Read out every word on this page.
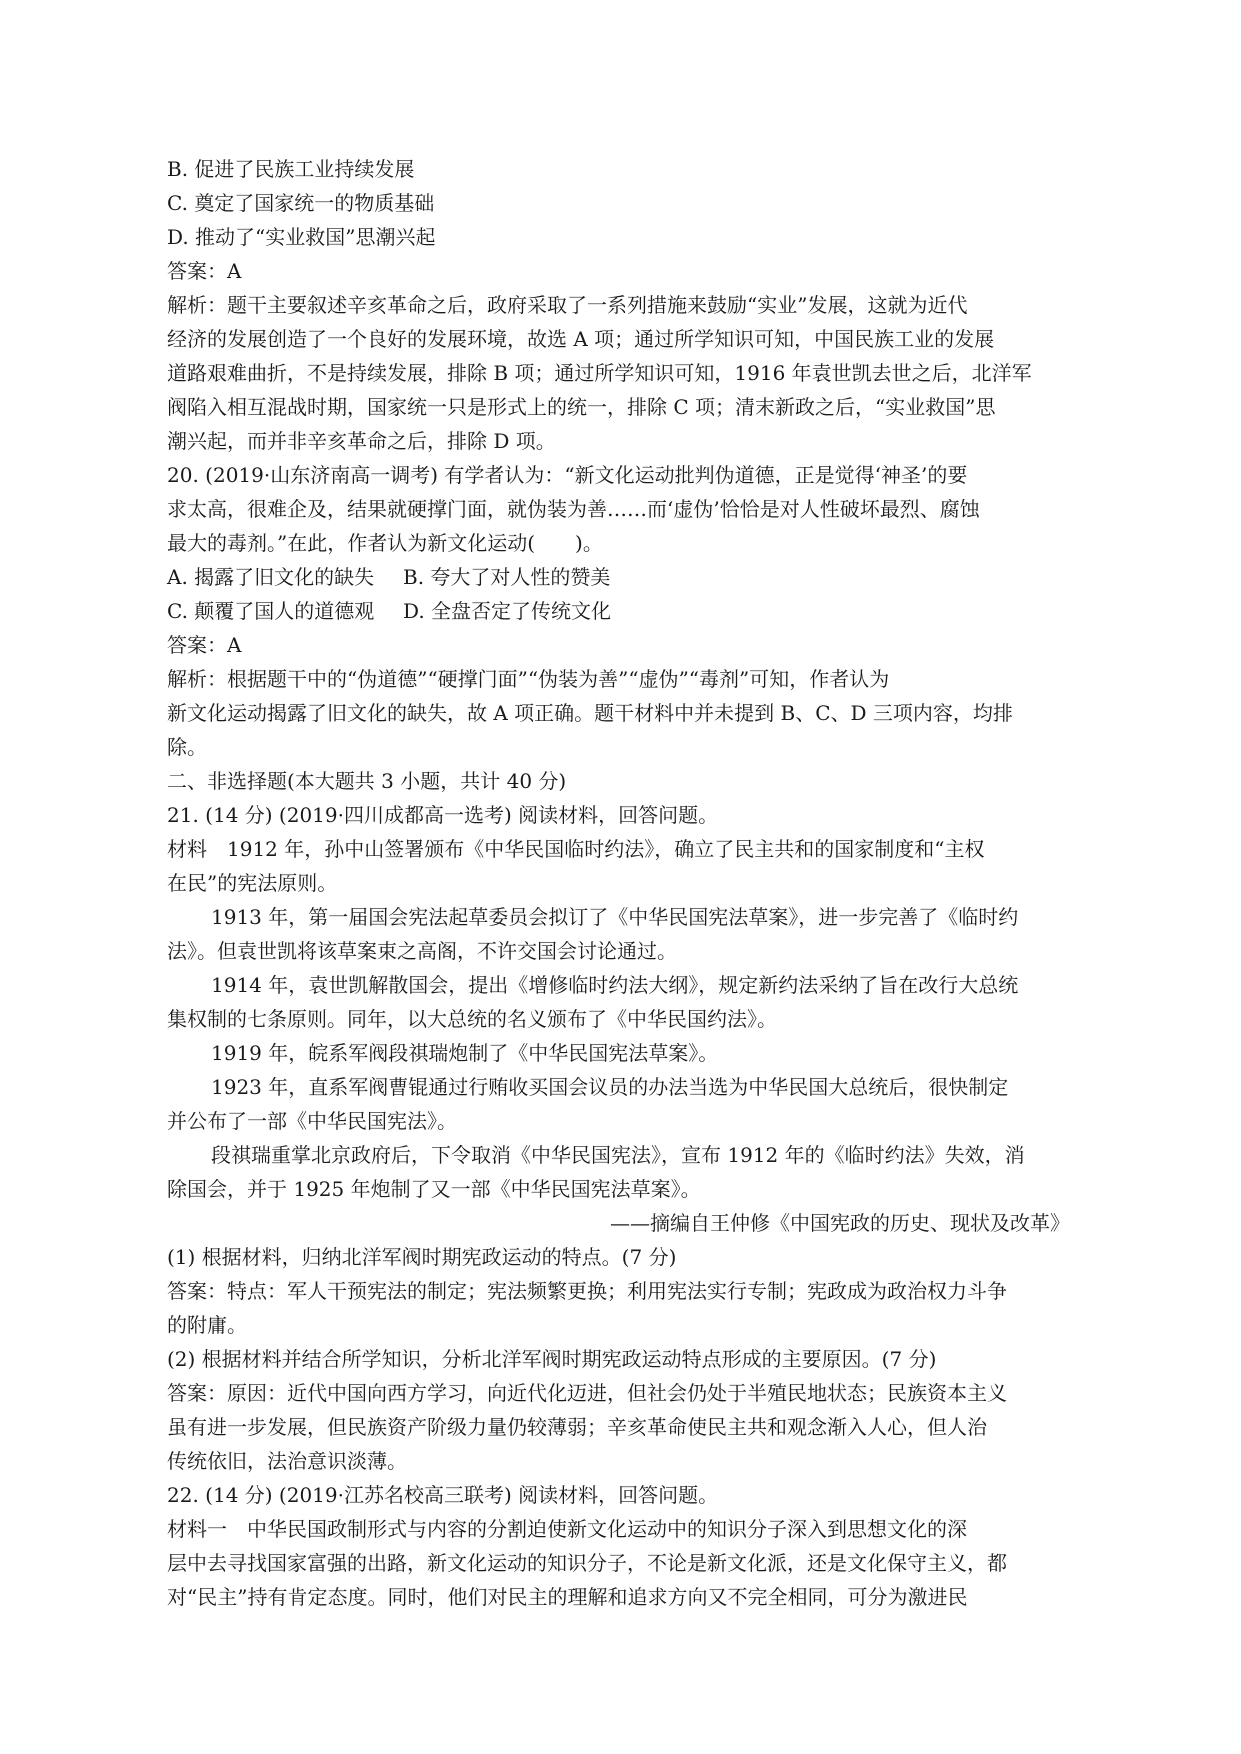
B. 促进了民族工业持续发展
C. 奠定了国家统一的物质基础
D. 推动了“实业救国”思潮兴起
答案：A
解析：题干主要叙述辛亥革命之后，政府采取了一系列措施来鼓励“实业”发展，这就为近代
经济的发展创造了一个良好的发展环境，故选 A 项；通过所学知识可知，中国民族工业的发展
道路艰难曲折，不是持续发展，排除 B 项；通过所学知识可知，1916 年袁世凯去世之后，北洋军
阀陷入相互混战时期，国家统一只是形式上的统一，排除 C 项；清末新政之后，“实业救国”思
潮兴起，而并非辛亥革命之后，排除 D 项。
20. (2019·山东济南高一调考) 有学者认为：“新文化运动批判伪道德，正是觉得‘神圣’的要
求太高，很难企及，结果就硬撑门面，就伪装为善……而‘虚伪’恰恰是对人性破坏最烈、腐蚀
最大的毒剂。”在此，作者认为新文化运动(　　)。
A. 揭露了旧文化的缺失 B. 夸大了对人性的赞美
C. 颠覆了国人的道德观 D. 全盘否定了传统文化
答案：A
解析：根据题干中的“伪道德”“硬撑门面”“伪装为善”“虚伪”“毒剂”可知，作者认为
新文化运动揭露了旧文化的缺失，故 A 项正确。题干材料中并未提到 B、C、D 三项内容，均排
除。
二、非选择题(本大题共 3 小题，共计 40 分)
21. (14 分) (2019·四川成都高一选考) 阅读材料，回答问题。
材料　1912 年，孙中山签署颁布《中华民国临时约法》，确立了民主共和的国家制度和“主权
在民”的宪法原则。
1913 年，第一届国会宪法起草委员会拟订了《中华民国宪法草案》，进一步完善了《临时约
法》。但袁世凯将该草案束之高阁，不许交国会讨论通过。
1914 年，袁世凯解散国会，提出《增修临时约法大纲》，规定新约法采纳了旨在改行大总统
集权制的七条原则。同年，以大总统的名义颁布了《中华民国约法》。
1919 年，皖系军阀段祺瑞炮制了《中华民国宪法草案》。
1923 年，直系军阀曹锟通过行贿收买国会议员的办法当选为中华民国大总统后，很快制定
并公布了一部《中华民国宪法》。
段祺瑞重掌北京政府后，下令取消《中华民国宪法》，宣布 1912 年的《临时约法》失效，消
除国会，并于 1925 年炮制了又一部《中华民国宪法草案》。
——摘编自王仲修《中国宪政的历史、现状及改革》
(1) 根据材料，归纳北洋军阀时期宪政运动的特点。(7 分)
答案：特点：军人干预宪法的制定；宪法频繁更换；利用宪法实行专制；宪政成为政治权力斗争
的附庸。
(2) 根据材料并结合所学知识，分析北洋军阀时期宪政运动特点形成的主要原因。(7 分)
答案：原因：近代中国向西方学习，向近代化迈进，但社会仍处于半殖民地状态；民族资本主义
虽有进一步发展，但民族资产阶级力量仍较薄弱；辛亥革命使民主共和观念渐入人心，但人治
传统依旧，法治意识淡薄。
22. (14 分) (2019·江苏名校高三联考) 阅读材料，回答问题。
材料一　中华民国政制形式与内容的分割迫使新文化运动中的知识分子深入到思想文化的深
层中去寻找国家富强的出路，新文化运动的知识分子，不论是新文化派，还是文化保守主义，都
对“民主”持有肯定态度。同时，他们对民主的理解和追求方向又不完全相同，可分为激进民
